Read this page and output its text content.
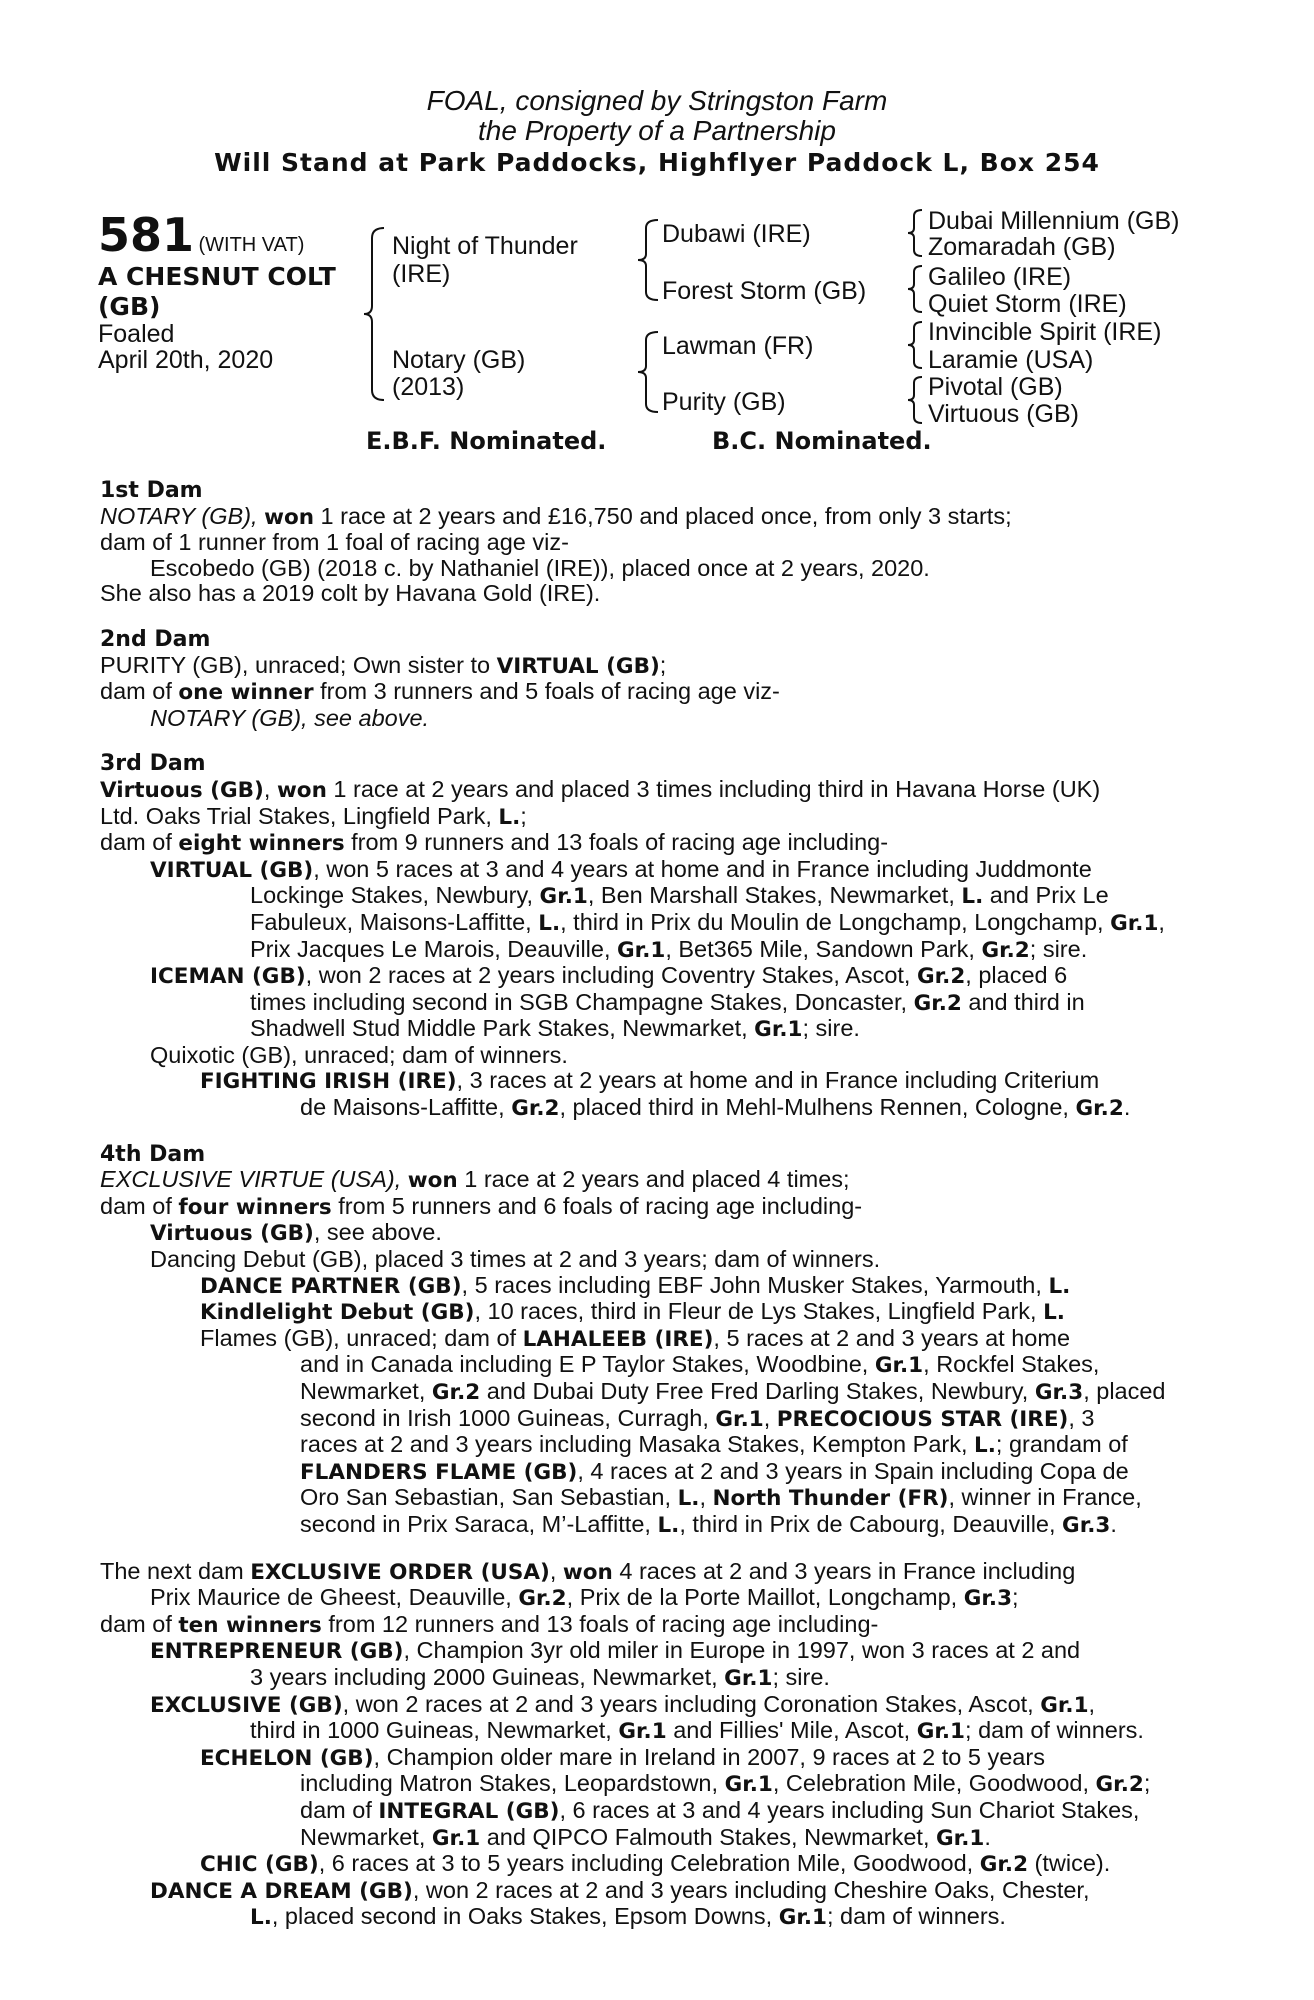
FOAL, consigned by Stringston Farm
the Property of a Partnership
Will Stand at Park Paddocks, Highflyer Paddock L, Box 254
581 (WITH VAT)
A CHESNUT COLT
(GB)
Foaled
April 20th, 2020
Night of Thunder
(IRE)
Notary (GB)
(2013)
Dubawi (IRE)
Forest Storm (GB)
Lawman (FR)
Purity (GB)
Dubai Millennium (GB)
Zomaradah (GB)
Galileo (IRE)
Quiet Storm (IRE)
Invincible Spirit (IRE)
Laramie (USA)
Pivotal (GB)
Virtuous (GB)
E.B.F. Nominated.	B.C. Nominated.
1st Dam
NOTARY (GB), won 1 race at 2 years and £16,750 and placed once, from only 3 starts;
dam of 1 runner from 1 foal of racing age viz-
Escobedo (GB) (2018 c. by Nathaniel (IRE)), placed once at 2 years, 2020.
She also has a 2019 colt by Havana Gold (IRE).
2nd Dam
PURITY (GB), unraced; Own sister to VIRTUAL (GB);
dam of one winner from 3 runners and 5 foals of racing age viz-
NOTARY (GB), see above.
3rd Dam
Virtuous (GB), won 1 race at 2 years and placed 3 times including third in Havana Horse (UK)
Ltd. Oaks Trial Stakes, Lingfield Park, L.;
dam of eight winners from 9 runners and 13 foals of racing age including-
VIRTUAL (GB), won 5 races at 3 and 4 years at home and in France including Juddmonte
Lockinge Stakes, Newbury, Gr.1, Ben Marshall Stakes, Newmarket, L. and Prix Le
Fabuleux, Maisons-Laffitte, L., third in Prix du Moulin de Longchamp, Longchamp, Gr.1,
Prix Jacques Le Marois, Deauville, Gr.1, Bet365 Mile, Sandown Park, Gr.2; sire.
ICEMAN (GB), won 2 races at 2 years including Coventry Stakes, Ascot, Gr.2, placed 6
times including second in SGB Champagne Stakes, Doncaster, Gr.2 and third in
Shadwell Stud Middle Park Stakes, Newmarket, Gr.1; sire.
Quixotic (GB), unraced; dam of winners.
FIGHTING IRISH (IRE), 3 races at 2 years at home and in France including Criterium
de Maisons-Laffitte, Gr.2, placed third in Mehl-Mulhens Rennen, Cologne, Gr.2.
4th Dam
EXCLUSIVE VIRTUE (USA), won 1 race at 2 years and placed 4 times;
dam of four winners from 5 runners and 6 foals of racing age including-
Virtuous (GB), see above.
Dancing Debut (GB), placed 3 times at 2 and 3 years; dam of winners.
DANCE PARTNER (GB), 5 races including EBF John Musker Stakes, Yarmouth, L.
Kindlelight Debut (GB), 10 races, third in Fleur de Lys Stakes, Lingfield Park, L.
Flames (GB), unraced; dam of LAHALEEB (IRE), 5 races at 2 and 3 years at home
and in Canada including E P Taylor Stakes, Woodbine, Gr.1, Rockfel Stakes,
Newmarket, Gr.2 and Dubai Duty Free Fred Darling Stakes, Newbury, Gr.3, placed
second in Irish 1000 Guineas, Curragh, Gr.1, PRECOCIOUS STAR (IRE), 3
races at 2 and 3 years including Masaka Stakes, Kempton Park, L.; grandam of
FLANDERS FLAME (GB), 4 races at 2 and 3 years in Spain including Copa de
Oro San Sebastian, San Sebastian, L., North Thunder (FR), winner in France,
second in Prix Saraca, M’-Laffitte, L., third in Prix de Cabourg, Deauville, Gr.3.
The next dam EXCLUSIVE ORDER (USA), won 4 races at 2 and 3 years in France including
Prix Maurice de Gheest, Deauville, Gr.2, Prix de la Porte Maillot, Longchamp, Gr.3;
dam of ten winners from 12 runners and 13 foals of racing age including-
ENTREPRENEUR (GB), Champion 3yr old miler in Europe in 1997, won 3 races at 2 and
3 years including 2000 Guineas, Newmarket, Gr.1; sire.
EXCLUSIVE (GB), won 2 races at 2 and 3 years including Coronation Stakes, Ascot, Gr.1,
third in 1000 Guineas, Newmarket, Gr.1 and Fillies' Mile, Ascot, Gr.1; dam of winners.
ECHELON (GB), Champion older mare in Ireland in 2007, 9 races at 2 to 5 years
including Matron Stakes, Leopardstown, Gr.1, Celebration Mile, Goodwood, Gr.2;
dam of INTEGRAL (GB), 6 races at 3 and 4 years including Sun Chariot Stakes,
Newmarket, Gr.1 and QIPCO Falmouth Stakes, Newmarket, Gr.1.
CHIC (GB), 6 races at 3 to 5 years including Celebration Mile, Goodwood, Gr.2 (twice).
DANCE A DREAM (GB), won 2 races at 2 and 3 years including Cheshire Oaks, Chester,
L., placed second in Oaks Stakes, Epsom Downs, Gr.1; dam of winners.
